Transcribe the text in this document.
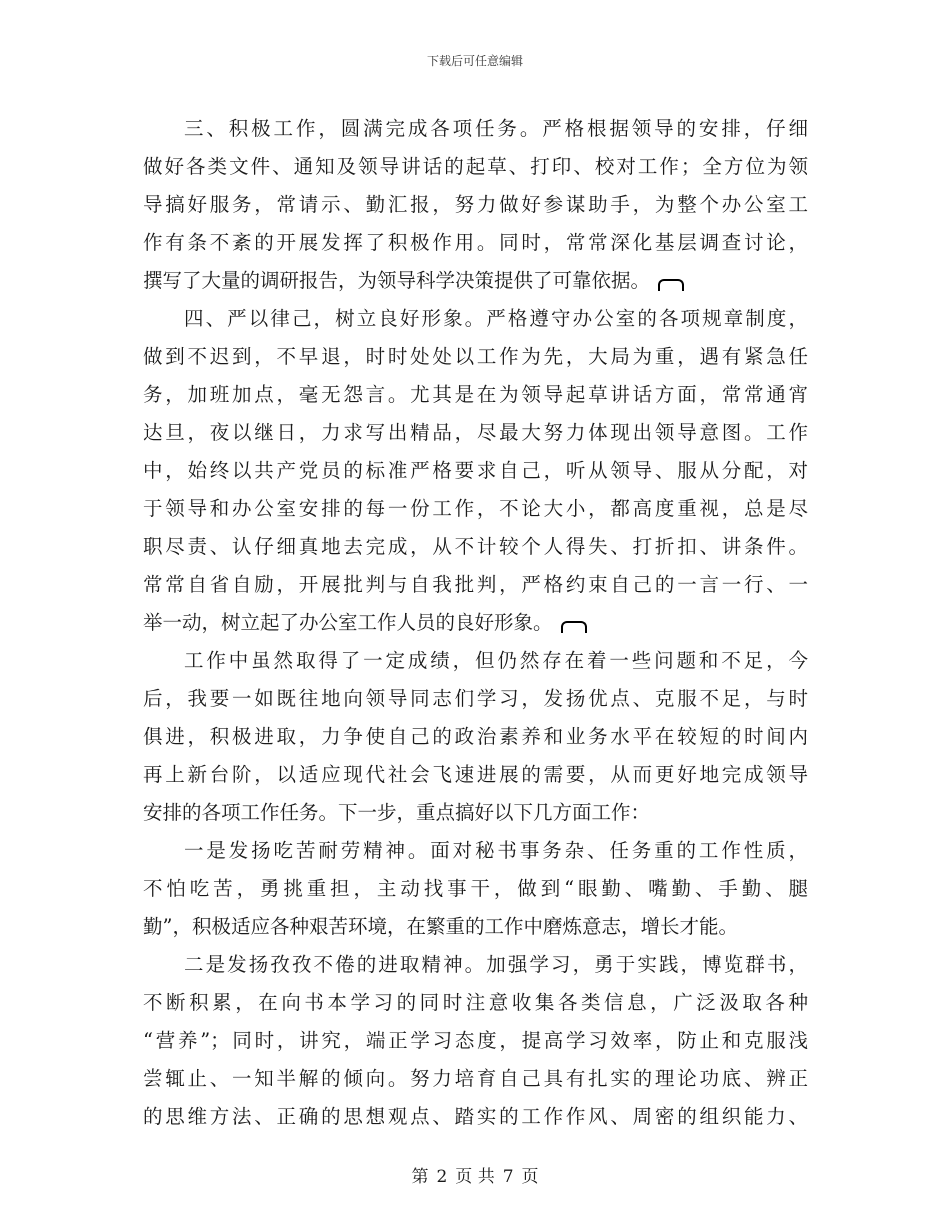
下载后可任意编辑
三、积极工作，圆满完成各项任务。严格根据领导的安排，仔细
做好各类文件、通知及领导讲话的起草、打印、校对工作；全方位为领
导搞好服务，常请示、勤汇报，努力做好参谋助手，为整个办公室工
作有条不紊的开展发挥了积极作用。同时，常常深化基层调查讨论，
撰写了大量的调研报告，为领导科学决策提供了可靠依据。
四、严以律己，树立良好形象。严格遵守办公室的各项规章制度，
做到不迟到，不早退，时时处处以工作为先，大局为重，遇有紧急任
务，加班加点，毫无怨言。尤其是在为领导起草讲话方面，常常通宵
达旦，夜以继日，力求写出精品，尽最大努力体现出领导意图。工作
中，始终以共产党员的标准严格要求自己，听从领导、服从分配，对
于领导和办公室安排的每一份工作，不论大小，都高度重视，总是尽
职尽责、认仔细真地去完成，从不计较个人得失、打折扣、讲条件。
常常自省自励，开展批判与自我批判，严格约束自己的一言一行、一
举一动，树立起了办公室工作人员的良好形象。
工作中虽然取得了一定成绩，但仍然存在着一些问题和不足，今
后，我要一如既往地向领导同志们学习，发扬优点、克服不足，与时
俱进，积极进取，力争使自己的政治素养和业务水平在较短的时间内
再上新台阶，以适应现代社会飞速进展的需要，从而更好地完成领导
安排的各项工作任务。下一步，重点搞好以下几方面工作：
一是发扬吃苦耐劳精神。面对秘书事务杂、任务重的工作性质，
不怕吃苦，勇挑重担，主动找事干，做到“眼勤、嘴勤、手勤、腿
勤”，积极适应各种艰苦环境，在繁重的工作中磨炼意志，增长才能。
二是发扬孜孜不倦的进取精神。加强学习，勇于实践，博览群书，
不断积累，在向书本学习的同时注意收集各类信息，广泛汲取各种
“营养”；同时，讲究，端正学习态度，提高学习效率，防止和克服浅
尝辄止、一知半解的倾向。努力培育自己具有扎实的理论功底、辨正
的思维方法、正确的思想观点、踏实的工作作风、周密的组织能力、
第 2 页 共 7 页
